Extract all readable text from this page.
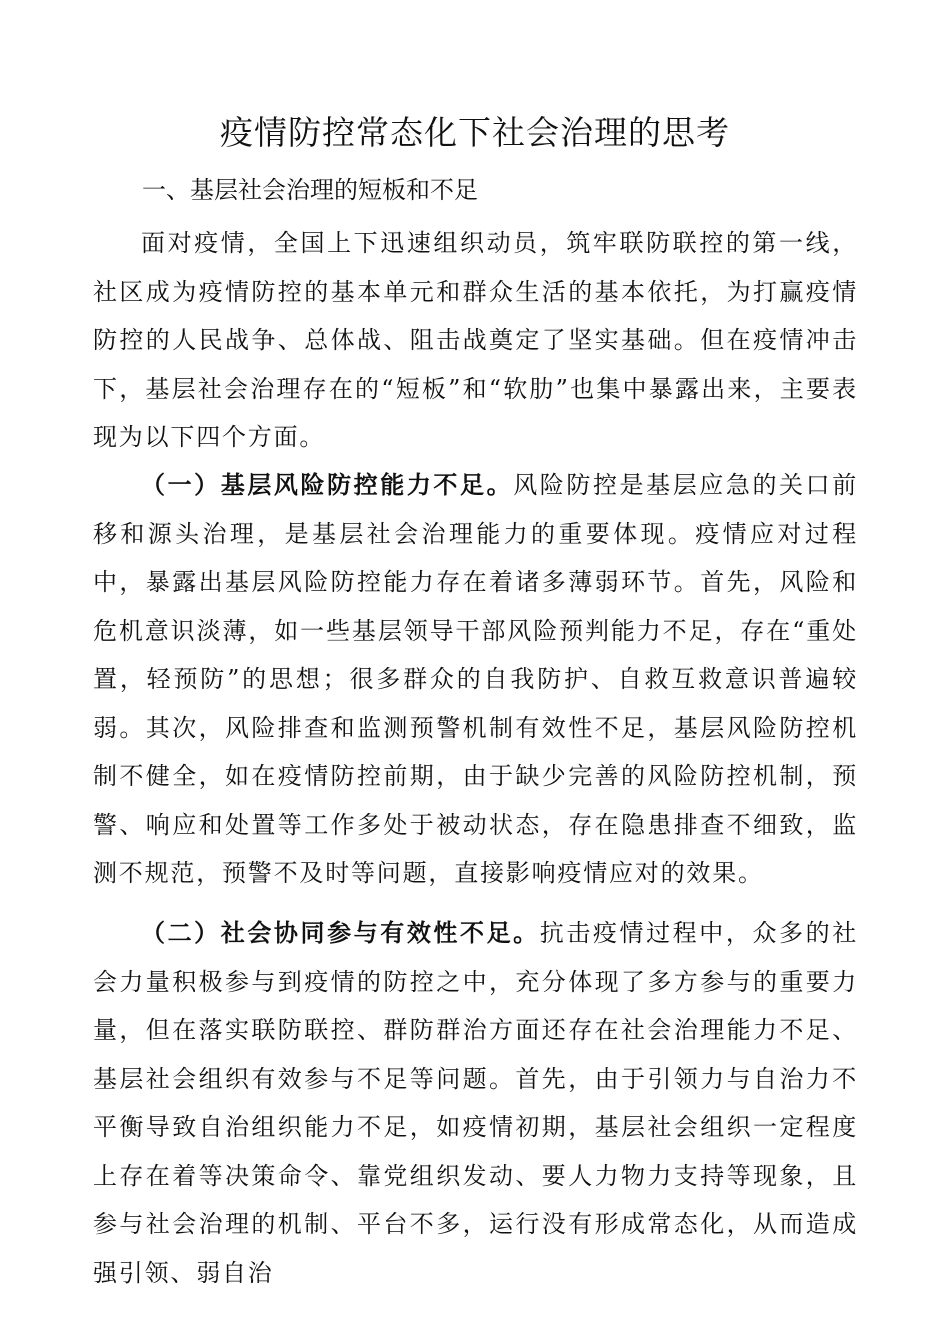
疫情防控常态化下社会治理的思考
一、基层社会治理的短板和不足

面对疫情，全国上下迅速组织动员，筑牢联防联控的第一线，社区成为疫情防控的基本单元和群众生活的基本依托，为打赢疫情防控的人民战争、总体战、阻击战奠定了坚实基础。但在疫情冲击下，基层社会治理存在的“短板”和“软肋”也集中暴露出来，主要表现为以下四个方面。

（一）基层风险防控能力不足。风险防控是基层应急的关口前移和源头治理，是基层社会治理能力的重要体现。疫情应对过程中，暴露出基层风险防控能力存在着诸多薄弱环节。首先，风险和危机意识淡薄，如一些基层领导干部风险预判能力不足，存在“重处置，轻预防”的思想；很多群众的自我防护、自救互救意识普遍较弱。其次，风险排查和监测预警机制有效性不足，基层风险防控机制不健全，如在疫情防控前期，由于缺少完善的风险防控机制，预警、响应和处置等工作多处于被动状态，存在隐患排查不细致，监测不规范，预警不及时等问题，直接影响疫情应对的效果。

（二）社会协同参与有效性不足。抗击疫情过程中，众多的社会力量积极参与到疫情的防控之中，充分体现了多方参与的重要力量，但在落实联防联控、群防群治方面还存在社会治理能力不足、基层社会组织有效参与不足等问题。首先，由于引领力与自治力不平衡导致自治组织能力不足，如疫情初期，基层社会组织一定程度上存在着等决策命令、靠党组织发动、要人力物力支持等现象，且参与社会治理的机制、平台不多，运行没有形成常态化，从而造成强引领、弱自治
